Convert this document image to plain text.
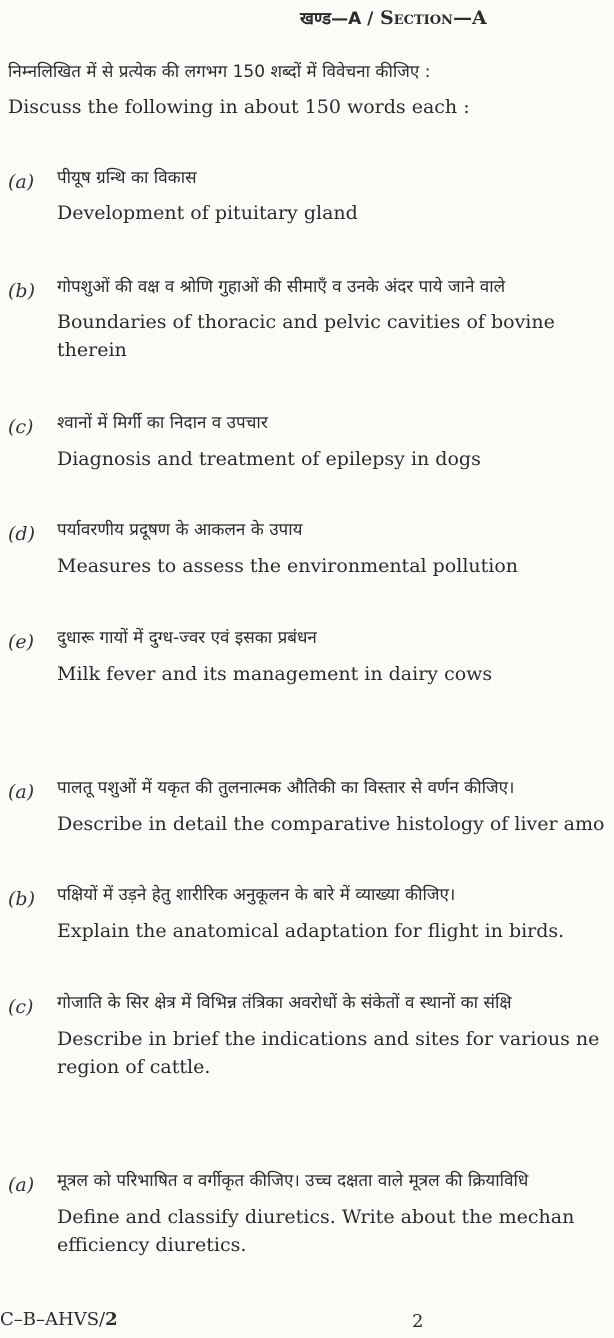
खण्ड—A / Section—A
निम्नलिखित में से प्रत्येक की लगभग 150 शब्दों में विवेचना कीजिए :
Discuss the following in about 150 words each :
(a) पीयूष ग्रन्थि का विकास
Development of pituitary gland
(b) गोपशुओं की वक्ष व श्रोणि गुहाओं की सीमाएँ व उनके अंदर पाये जाने वाले
Boundaries of thoracic and pelvic cavities of bovine
therein
(c) श्वानों में मिर्गी का निदान व उपचार
Diagnosis and treatment of epilepsy in dogs
(d) पर्यावरणीय प्रदूषण के आकलन के उपाय
Measures to assess the environmental pollution
(e) दुधारू गायों में दुग्ध-ज्वर एवं इसका प्रबंधन
Milk fever and its management in dairy cows
(a) पालतू पशुओं में यकृत की तुलनात्मक औतिकी का विस्तार से वर्णन कीजिए।
Describe in detail the comparative histology of liver amo
(b) पक्षियों में उड़ने हेतु शारीरिक अनुकूलन के बारे में व्याख्या कीजिए।
Explain the anatomical adaptation for flight in birds.
(c) गोजाति के सिर क्षेत्र में विभिन्न तंत्रिका अवरोधों के संकेतों व स्थानों का संक्षि
Describe in brief the indications and sites for various ne
region of cattle.
(a) मूत्रल को परिभाषित व वर्गीकृत कीजिए। उच्च दक्षता वाले मूत्रल की क्रियाविधि
Define and classify diuretics. Write about the mechan
efficiency diuretics.
C–B–AHVS/2	2
